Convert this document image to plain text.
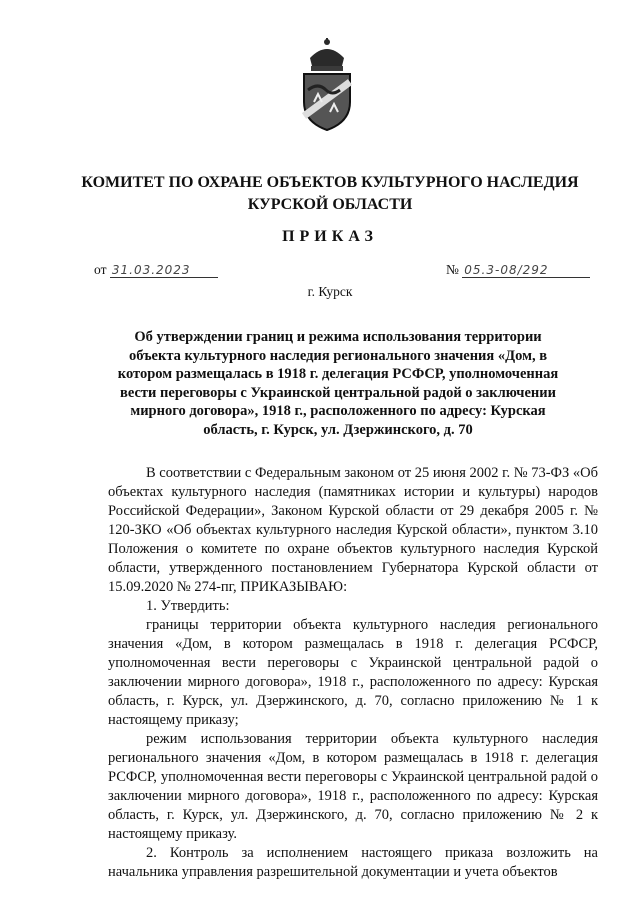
КОМИТЕТ ПО ОХРАНЕ ОБЪЕКТОВ КУЛЬТУРНОГО НАСЛЕДИЯ
КУРСКОЙ ОБЛАСТИ
ПРИКАЗ
от 31.03.2023	№ 05.3-08/292
г. Курск
Об утверждении границ и режима использования территории объекта культурного наследия регионального значения «Дом, в котором размещалась в 1918 г. делегация РСФСР, уполномоченная вести переговоры с Украинской центральной радой о заключении мирного договора», 1918 г., расположенного по адресу: Курская область, г. Курск, ул. Дзержинского, д. 70

В соответствии с Федеральным законом от 25 июня 2002 г. № 73-ФЗ «Об объектах культурного наследия (памятниках истории и культуры) народов Российской Федерации», Законом Курской области от 29 декабря 2005 г. № 120-ЗКО «Об объектах культурного наследия Курской области», пунктом 3.10 Положения о комитете по охране объектов культурного наследия Курской области, утвержденного постановлением Губернатора Курской области от 15.09.2020 № 274-пг, ПРИКАЗЫВАЮ:

1. Утвердить:

границы территории объекта культурного наследия регионального значения «Дом, в котором размещалась в 1918 г. делегация РСФСР, уполномоченная вести переговоры с Украинской центральной радой о заключении мирного договора», 1918 г., расположенного по адресу: Курская область, г. Курск, ул. Дзержинского, д. 70, согласно приложению № 1 к настоящему приказу;

режим использования территории объекта культурного наследия регионального значения «Дом, в котором размещалась в 1918 г. делегация РСФСР, уполномоченная вести переговоры с Украинской центральной радой о заключении мирного договора», 1918 г., расположенного по адресу: Курская область, г. Курск, ул. Дзержинского, д. 70, согласно приложению № 2 к настоящему приказу.

2. Контроль за исполнением настоящего приказа возложить на начальника управления разрешительной документации и учета объектов
